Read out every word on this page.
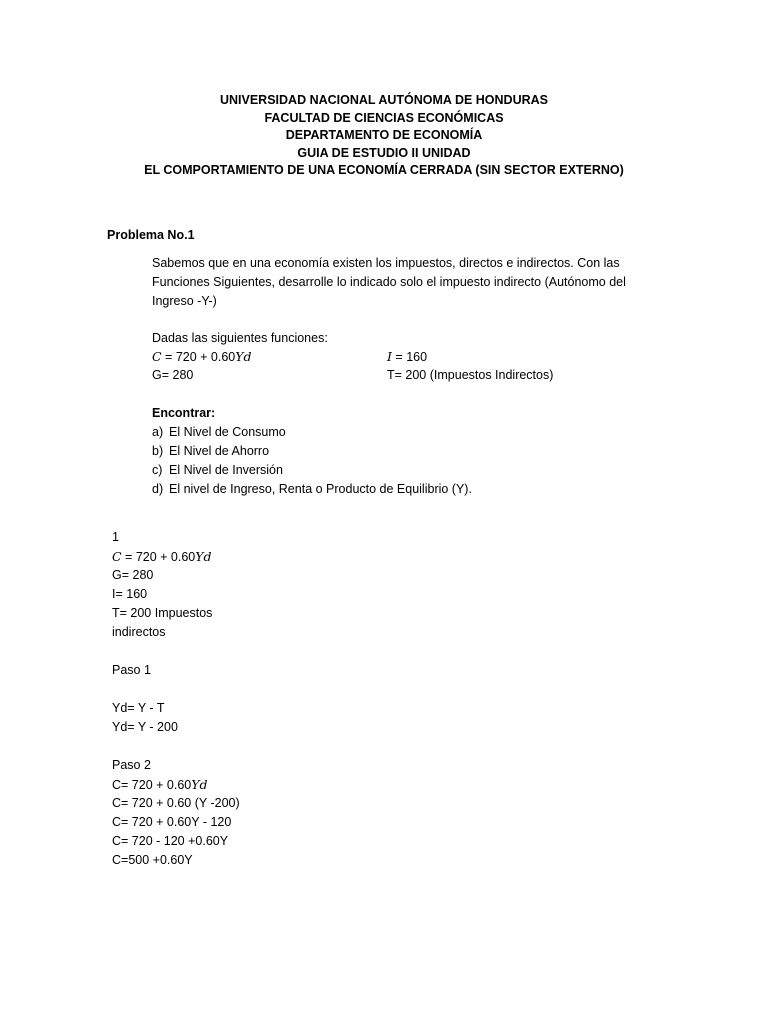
UNIVERSIDAD NACIONAL AUTÓNOMA DE HONDURAS
FACULTAD DE CIENCIAS ECONÓMICAS
DEPARTAMENTO DE ECONOMÍA
GUIA DE ESTUDIO II UNIDAD
EL COMPORTAMIENTO DE UNA ECONOMÍA CERRADA (SIN SECTOR EXTERNO)
Problema No.1
Sabemos que en una economía existen los impuestos, directos e indirectos. Con las
Funciones Siguientes, desarrolle lo indicado solo el impuesto indirecto (Autónomo del
Ingreso -Y-)
Dadas las siguientes funciones:
C = 720 + 0.60Yd
G= 280
I = 160
T= 200 (Impuestos Indirectos)
Encontrar:
a) El Nivel de Consumo
b) El Nivel de Ahorro
c) El Nivel de Inversión
d) El nivel de Ingreso, Renta o Producto de Equilibrio (Y).
1
C = 720 + 0.60Yd
G= 280
I= 160
T= 200 Impuestos
indirectos
Paso 1
Yd= Y - T
Yd= Y - 200
Paso 2
C= 720 + 0.60Yd
C= 720 + 0.60 (Y -200)
C= 720 + 0.60Y - 120
C= 720 - 120 +0.60Y
C=500 +0.60Y
